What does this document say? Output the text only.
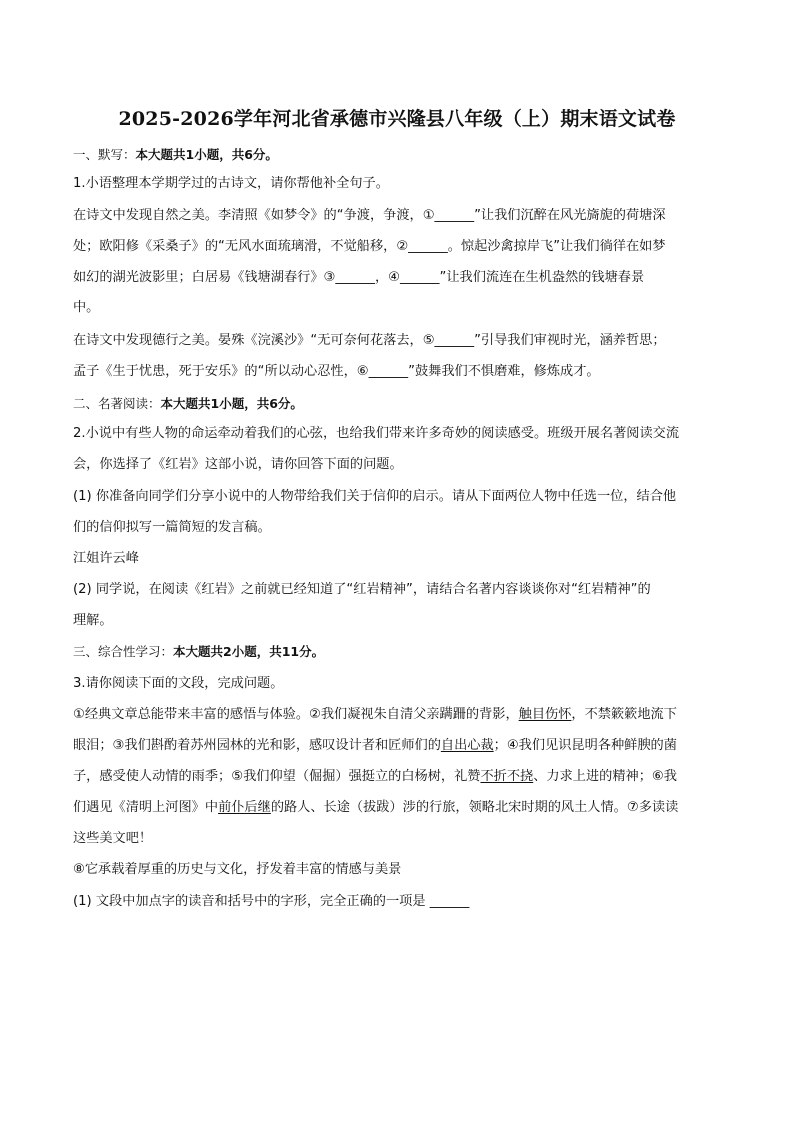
2025-2026学年河北省承德市兴隆县八年级（上）期末语文试卷
一、默写：本大题共1小题，共6分。
1.小语整理本学期学过的古诗文，请你帮他补全句子。
在诗文中发现自然之美。李清照《如梦令》的“争渡，争渡，①______”让我们沉醉在风光旖旎的荷塘深
处；欧阳修《采桑子》的“无风水面琉璃滑，不觉船移，②______。惊起沙禽掠岸飞”让我们徜徉在如梦
如幻的湖光波影里；白居易《钱塘湖春行》③______，④______”让我们流连在生机盎然的钱塘春景
中。
在诗文中发现德行之美。晏殊《浣溪沙》“无可奈何花落去，⑤______”引导我们审视时光，涵养哲思；
孟子《生于忧患，死于安乐》的“所以动心忍性，⑥______”鼓舞我们不惧磨难，修炼成才。
二、名著阅读：本大题共1小题，共6分。
2.小说中有些人物的命运牵动着我们的心弦，也给我们带来许多奇妙的阅读感受。班级开展名著阅读交流
会，你选择了《红岩》这部小说，请你回答下面的问题。
(1) 你准备向同学们分享小说中的人物带给我们关于信仰的启示。请从下面两位人物中任选一位，结合他
们的信仰拟写一篇简短的发言稿。
江姐许云峰
(2) 同学说，在阅读《红岩》之前就已经知道了“红岩精神”，请结合名著内容谈谈你对“红岩精神”的
理解。
三、综合性学习：本大题共2小题，共11分。
3.请你阅读下面的文段，完成问题。
①经典文章总能带来丰富的感悟与体验。②我们凝视朱自清父亲蹒跚的背影，触目伤怀，不禁簌簌地流下
眼泪；③我们斟酌着苏州园林的光和影，感叹设计者和匠师们的自出心裁；④我们见识昆明各种鲜腴的菌
子，感受使人动情的雨季；⑤我们仰望（倔掘）强挺立的白杨树，礼赞不折不挠、力求上进的精神；⑥我
们遇见《清明上河图》中前仆后继的路人、长途（拔跋）涉的行旅，领略北宋时期的风土人情。⑦多读读
这些美文吧！
⑧它承载着厚重的历史与文化，抒发着丰富的情感与美景
(1) 文段中加点字的读音和括号中的字形，完全正确的一项是 ______
